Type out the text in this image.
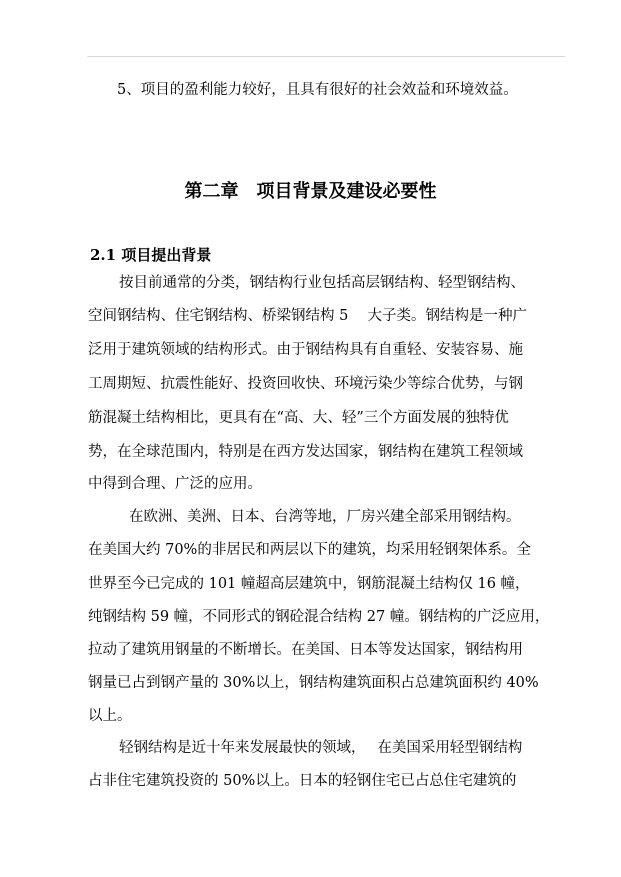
5、项目的盈利能力较好，且具有很好的社会效益和环境效益。
第二章　项目背景及建设必要性
2.1 项目提出背景
按目前通常的分类，钢结构行业包括高层钢结构、轻型钢结构、
空间钢结构、住宅钢结构、桥梁钢结构 5　 大子类。钢结构是一种广
泛用于建筑领域的结构形式。由于钢结构具有自重轻、安装容易、施
工周期短、抗震性能好、投资回收快、环境污染少等综合优势，与钢
筋混凝土结构相比，更具有在“高、大、轻”三个方面发展的独特优
势，在全球范围内，特别是在西方发达国家，钢结构在建筑工程领域
中得到合理、广泛的应用。
在欧洲、美洲、日本、台湾等地，厂房兴建全部采用钢结构。
在美国大约 70%的非居民和两层以下的建筑，均采用轻钢架体系。全
世界至今已完成的 101 幢超高层建筑中，钢筋混凝土结构仅 16 幢，
纯钢结构 59 幢，不同形式的钢砼混合结构 27 幢。钢结构的广泛应用，
拉动了建筑用钢量的不断增长。在美国、日本等发达国家，钢结构用
钢量已占到钢产量的 30%以上，钢结构建筑面积占总建筑面积约 40%
以上。
轻钢结构是近十年来发展最快的领域，　 在美国采用轻型钢结构
占非住宅建筑投资的 50%以上。日本的轻钢住宅已占总住宅建筑的
